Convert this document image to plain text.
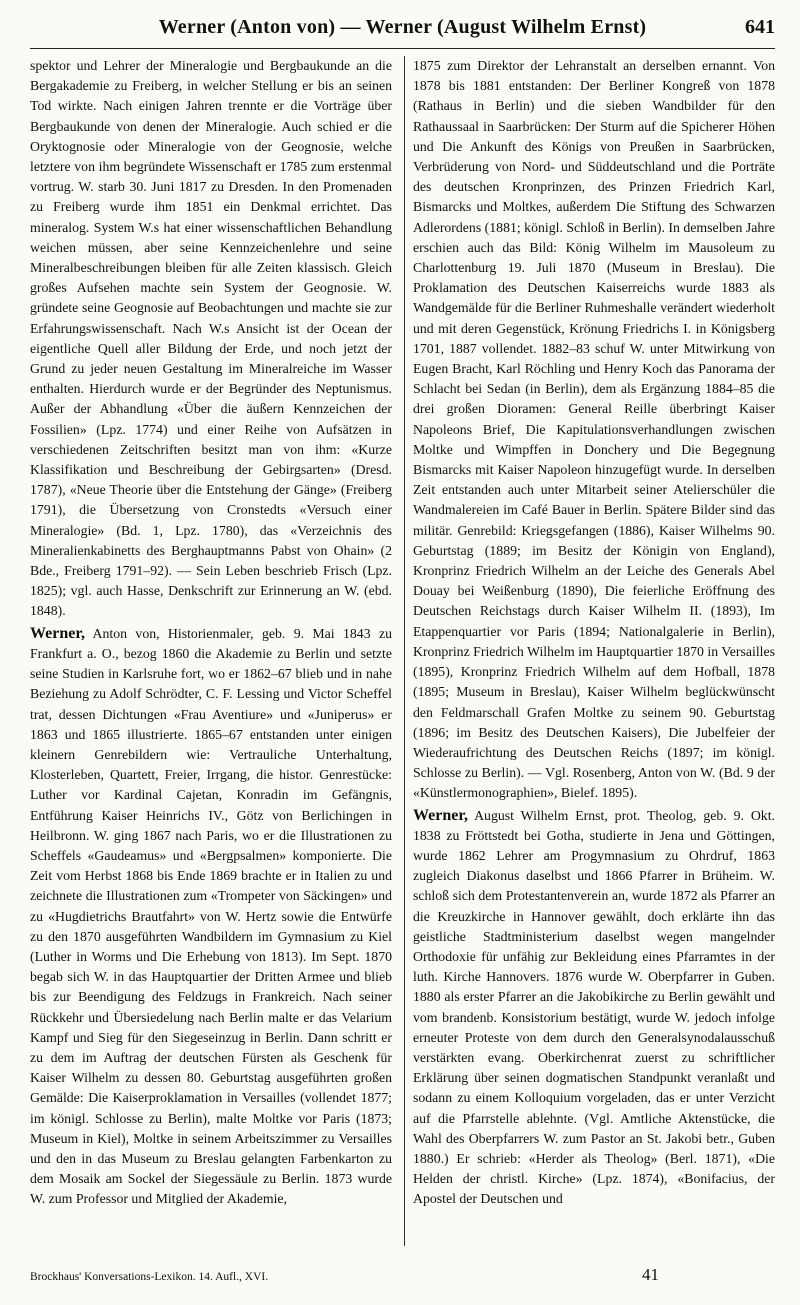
Werner (Anton von) — Werner (August Wilhelm Ernst)	641

spektor und Lehrer der Mineralogie und Bergbaukunde an die Bergakademie zu Freiberg, in welcher Stellung er bis an seinen Tod wirkte. Nach einigen Jahren trennte er die Vorträge über Bergbaukunde von denen der Mineralogie. Auch schied er die Oryktognosie oder Mineralogie von der Geognosie, welche letztere von ihm begründete Wissenschaft er 1785 zum erstenmal vortrug. W. starb 30. Juni 1817 zu Dresden. In den Promenaden zu Freiberg wurde ihm 1851 ein Denkmal errichtet. Das mineralog. System W.s hat einer wissenschaftlichen Behandlung weichen müssen, aber seine Kennzeichenlehre und seine Mineralbeschreibungen bleiben für alle Zeiten klassisch. Gleich großes Aufsehen machte sein System der Geognosie. W. gründete seine Geognosie auf Beobachtungen und machte sie zur Erfahrungswissenschaft. Nach W.s Ansicht ist der Ocean der eigentliche Quell aller Bildung der Erde, und noch jetzt der Grund zu jeder neuen Gestaltung im Mineralreiche im Wasser enthalten. Hierdurch wurde er der Begründer des Neptunismus. Außer der Abhandlung «Über die äußern Kennzeichen der Fossilien» (Lpz. 1774) und einer Reihe von Aufsätzen in verschiedenen Zeitschriften besitzt man von ihm: «Kurze Klassifikation und Beschreibung der Gebirgsarten» (Dresd. 1787), «Neue Theorie über die Entstehung der Gänge» (Freiberg 1791), die Übersetzung von Cronstedts «Versuch einer Mineralogie» (Bd. 1, Lpz. 1780), das «Verzeichnis des Mineralienkabinetts des Berghauptmanns Pabst von Ohain» (2 Bde., Freiberg 1791–92). — Sein Leben beschrieb Frisch (Lpz. 1825); vgl. auch Hasse, Denkschrift zur Erinnerung an W. (ebd. 1848).

Werner, Anton von, Historienmaler, geb. 9. Mai 1843 zu Frankfurt a. O., bezog 1860 die Akademie zu Berlin und setzte seine Studien in Karlsruhe fort, wo er 1862–67 blieb und in nahe Beziehung zu Adolf Schrödter, C. F. Lessing und Victor Scheffel trat, dessen Dichtungen «Frau Aventiure» und «Juniperus» er 1863 und 1865 illustrierte. 1865–67 entstanden unter einigen kleinern Genrebildern wie: Vertrauliche Unterhaltung, Klosterleben, Quartett, Freier, Irrgang, die histor. Genrestücke: Luther vor Kardinal Cajetan, Konradin im Gefängnis, Entführung Kaiser Heinrichs IV., Götz von Berlichingen in Heilbronn. W. ging 1867 nach Paris, wo er die Illustrationen zu Scheffels «Gaudeamus» und «Bergpsalmen» komponierte. Die Zeit vom Herbst 1868 bis Ende 1869 brachte er in Italien zu und zeichnete die Illustrationen zum «Trompeter von Säckingen» und zu «Hugdietrichs Brautfahrt» von W. Hertz sowie die Entwürfe zu den 1870 ausgeführten Wandbildern im Gymnasium zu Kiel (Luther in Worms und Die Erhebung von 1813). Im Sept. 1870 begab sich W. in das Hauptquartier der Dritten Armee und blieb bis zur Beendigung des Feldzugs in Frankreich. Nach seiner Rückkehr und Übersiedelung nach Berlin malte er das Velarium Kampf und Sieg für den Siegeseinzug in Berlin. Dann schritt er zu dem im Auftrag der deutschen Fürsten als Geschenk für Kaiser Wilhelm zu dessen 80. Geburtstag ausgeführten großen Gemälde: Die Kaiserproklamation in Versailles (vollendet 1877; im königl. Schlosse zu Berlin), malte Moltke vor Paris (1873; Museum in Kiel), Moltke in seinem Arbeitszimmer zu Versailles und den in das Museum zu Breslau gelangten Farbenkarton zu dem Mosaik am Sockel der Siegessäule zu Berlin. 1873 wurde W. zum Professor und Mitglied der Akademie,

1875 zum Direktor der Lehranstalt an derselben ernannt. Von 1878 bis 1881 entstanden: Der Berliner Kongreß von 1878 (Rathaus in Berlin) und die sieben Wandbilder für den Rathaussaal in Saarbrücken: Der Sturm auf die Spicherer Höhen und Die Ankunft des Königs von Preußen in Saarbrücken, Verbrüderung von Nord- und Süddeutschland und die Porträte des deutschen Kronprinzen, des Prinzen Friedrich Karl, Bismarcks und Moltkes, außerdem Die Stiftung des Schwarzen Adlerordens (1881; königl. Schloß in Berlin). In demselben Jahre erschien auch das Bild: König Wilhelm im Mausoleum zu Charlottenburg 19. Juli 1870 (Museum in Breslau). Die Proklamation des Deutschen Kaiserreichs wurde 1883 als Wandgemälde für die Berliner Ruhmeshalle verändert wiederholt und mit deren Gegenstück, Krönung Friedrichs I. in Königsberg 1701, 1887 vollendet. 1882–83 schuf W. unter Mitwirkung von Eugen Bracht, Karl Röchling und Henry Koch das Panorama der Schlacht bei Sedan (in Berlin), dem als Ergänzung 1884–85 die drei großen Dioramen: General Reille überbringt Kaiser Napoleons Brief, Die Kapitulationsverhandlungen zwischen Moltke und Wimpffen in Donchery und Die Begegnung Bismarcks mit Kaiser Napoleon hinzugefügt wurde. In derselben Zeit entstanden auch unter Mitarbeit seiner Atelierschüler die Wandmalereien im Café Bauer in Berlin. Spätere Bilder sind das militär. Genrebild: Kriegsgefangen (1886), Kaiser Wilhelms 90. Geburtstag (1889; im Besitz der Königin von England), Kronprinz Friedrich Wilhelm an der Leiche des Generals Abel Douay bei Weißenburg (1890), Die feierliche Eröffnung des Deutschen Reichstags durch Kaiser Wilhelm II. (1893), Im Etappenquartier vor Paris (1894; Nationalgalerie in Berlin), Kronprinz Friedrich Wilhelm im Hauptquartier 1870 in Versailles (1895), Kronprinz Friedrich Wilhelm auf dem Hofball, 1878 (1895; Museum in Breslau), Kaiser Wilhelm beglückwünscht den Feldmarschall Grafen Moltke zu seinem 90. Geburtstag (1896; im Besitz des Deutschen Kaisers), Die Jubelfeier der Wiederaufrichtung des Deutschen Reichs (1897; im königl. Schlosse zu Berlin). — Vgl. Rosenberg, Anton von W. (Bd. 9 der «Künstlermonographien», Bielef. 1895).

Werner, August Wilhelm Ernst, prot. Theolog, geb. 9. Okt. 1838 zu Fröttstedt bei Gotha, studierte in Jena und Göttingen, wurde 1862 Lehrer am Progymnasium zu Ohrdruf, 1863 zugleich Diakonus daselbst und 1866 Pfarrer in Brüheim. W. schloß sich dem Protestantenverein an, wurde 1872 als Pfarrer an die Kreuzkirche in Hannover gewählt, doch erklärte ihn das geistliche Stadtministerium daselbst wegen mangelnder Orthodoxie für unfähig zur Bekleidung eines Pfarramtes in der luth. Kirche Hannovers. 1876 wurde W. Oberpfarrer in Guben. 1880 als erster Pfarrer an die Jakobikirche zu Berlin gewählt und vom brandenb. Konsistorium bestätigt, wurde W. jedoch infolge erneuter Proteste von dem durch den Generalsynodalausschuß verstärkten evang. Oberkirchenrat zuerst zu schriftlicher Erklärung über seinen dogmatischen Standpunkt veranlaßt und sodann zu einem Kolloquium vorgeladen, das er unter Verzicht auf die Pfarrstelle ablehnte. (Vgl. Amtliche Aktenstücke, die Wahl des Oberpfarrers W. zum Pastor an St. Jakobi betr., Guben 1880.) Er schrieb: «Herder als Theolog» (Berl. 1871), «Die Helden der christl. Kirche» (Lpz. 1874), «Bonifacius, der Apostel der Deutschen und

Brockhaus' Konversations-Lexikon. 14. Aufl., XVI.	41
